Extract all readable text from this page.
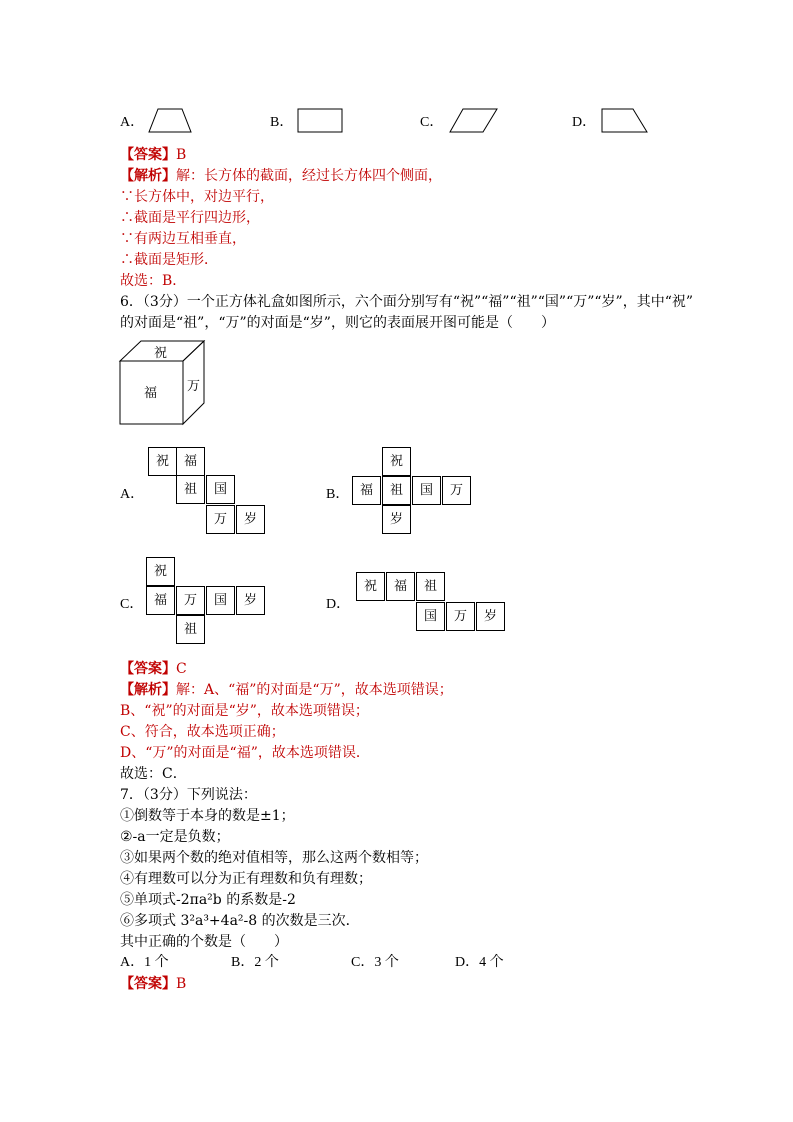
A．	B．	C．	D．
【答案】B
【解析】解：长方体的截面，经过长方体四个侧面，
∵长方体中，对边平行，
∴截面是平行四边形，
∵有两边互相垂直，
∴截面是矩形．
故选：B．
6．（3分）一个正方体礼盒如图所示，六个面分别写有“祝”“福”“祖”“国”“万”“岁”，其中“祝”
的对面是“祖”，“万”的对面是“岁”，则它的表面展开图可能是（　　）
祝
福 万
A．
祝	福
祖	国
万	岁
B．
祝
福	祖	国	万
岁
C．
祝
福	万	国	岁
祖
D．
祝	福	祖
国	万	岁
【答案】C
【解析】解：A、“福”的对面是“万”，故本选项错误；
B、“祝”的对面是“岁”，故本选项错误；
C、符合，故本选项正确；
D、“万”的对面是“福”，故本选项错误．
故选：C．
7．（3分）下列说法：
①倒数等于本身的数是±1；
②-a一定是负数；
③如果两个数的绝对值相等，那么这两个数相等；
④有理数可以分为正有理数和负有理数；
⑤单项式-2πa²b 的系数是-2
⑥多项式 3²a³+4a²-8 的次数是三次．
其中正确的个数是（　　）
A．1 个	B．2 个	C．3 个	D．4 个
【答案】B
